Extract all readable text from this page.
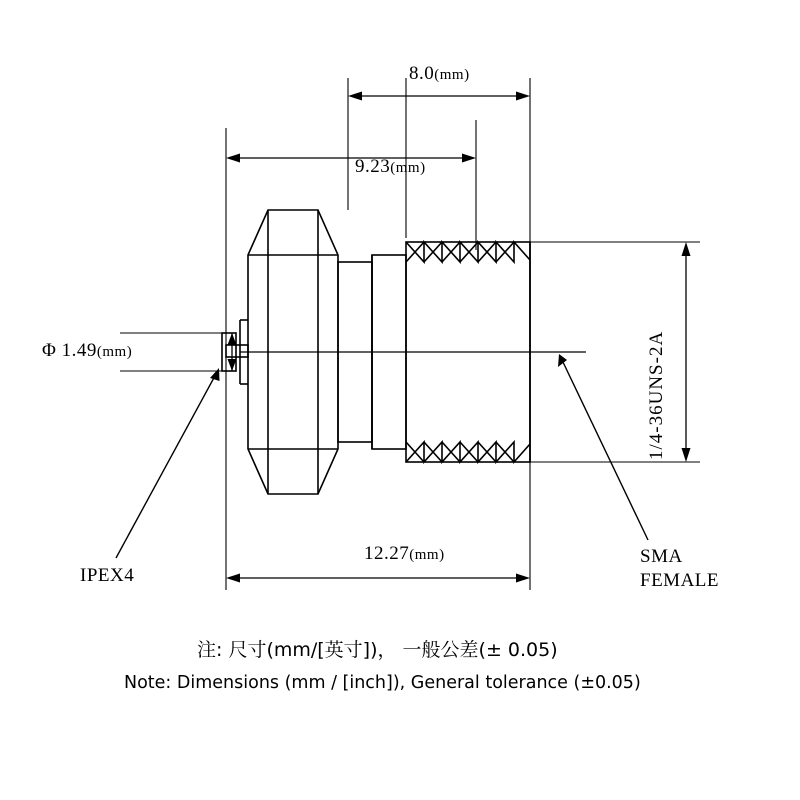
8.0(mm)
9.23(mm)
12.27(mm)
Φ 1.49(mm)	1/4-36UNS-2A
IPEX4
SMA
FEMALE
注: 尺寸(mm/[英寸])， 一般公差(± 0.05)
Note: Dimensions (mm / [inch]), General tolerance (±0.05)
